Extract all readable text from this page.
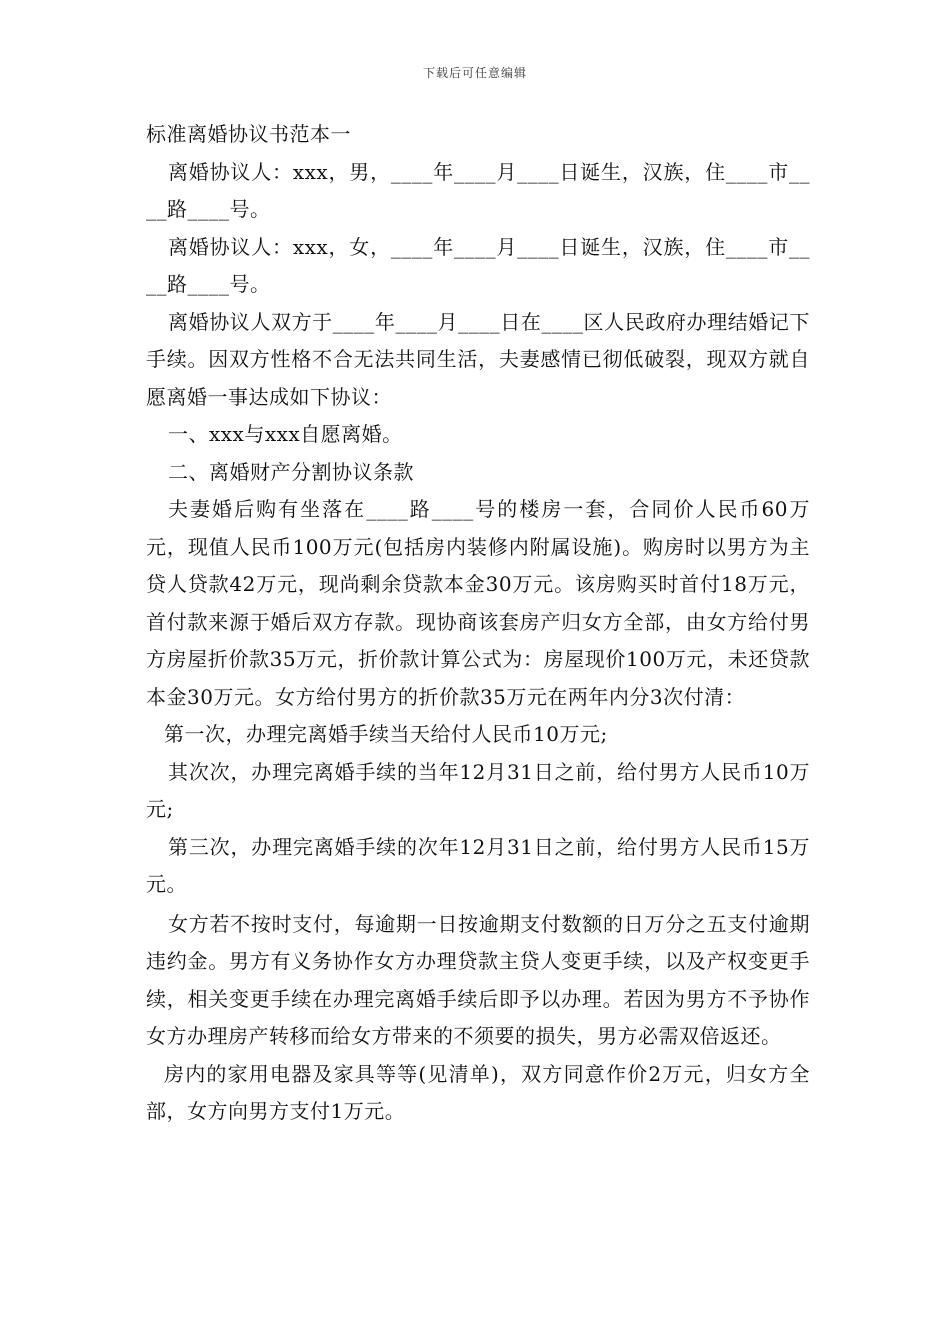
下载后可任意编辑

标准离婚协议书范本一

离婚协议人：xxx，男，____年____月____日诞生，汉族，住____市____路____号。

离婚协议人：xxx，女，____年____月____日诞生，汉族，住____市____路____号。

离婚协议人双方于____年____月____日在____区人民政府办理结婚记下手续。因双方性格不合无法共同生活，夫妻感情已彻低破裂，现双方就自愿离婚一事达成如下协议：

一、xxx与xxx自愿离婚。

二、离婚财产分割协议条款

夫妻婚后购有坐落在____路____号的楼房一套，合同价人民币60万元，现值人民币100万元(包括房内装修内附属设施)。购房时以男方为主贷人贷款42万元，现尚剩余贷款本金30万元。该房购买时首付18万元，首付款来源于婚后双方存款。现协商该套房产归女方全部，由女方给付男方房屋折价款35万元，折价款计算公式为：房屋现价100万元，未还贷款本金30万元。女方给付男方的折价款35万元在两年内分3次付清：

第一次，办理完离婚手续当天给付人民币10万元;

其次次，办理完离婚手续的当年12月31日之前，给付男方人民币10万元;

第三次，办理完离婚手续的次年12月31日之前，给付男方人民币15万元。

女方若不按时支付，每逾期一日按逾期支付数额的日万分之五支付逾期违约金。男方有义务协作女方办理贷款主贷人变更手续，以及产权变更手续，相关变更手续在办理完离婚手续后即予以办理。若因为男方不予协作女方办理房产转移而给女方带来的不须要的损失，男方必需双倍返还。

房内的家用电器及家具等等(见清单)，双方同意作价2万元，归女方全部，女方向男方支付1万元。
